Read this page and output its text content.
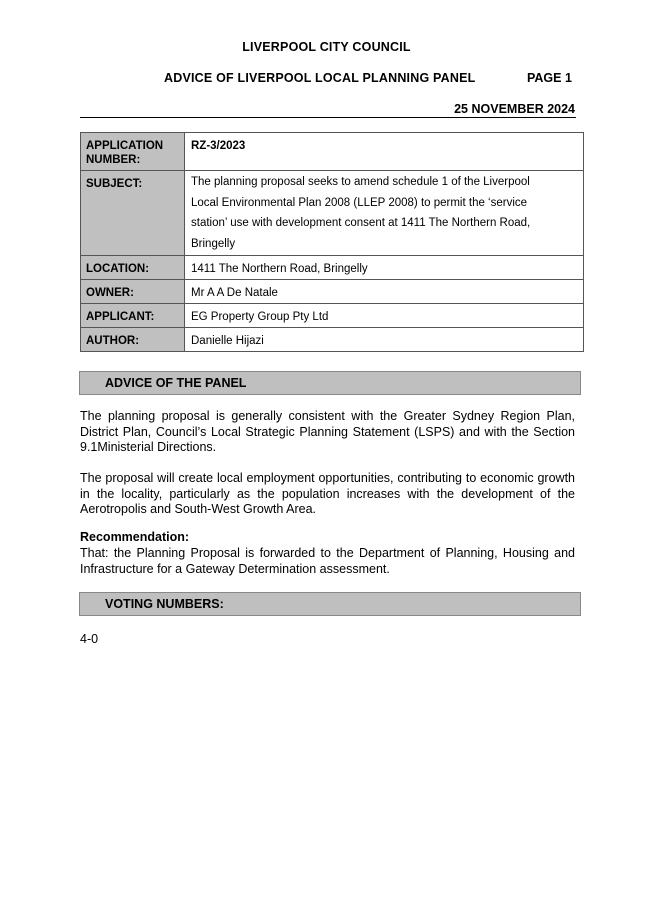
LIVERPOOL CITY COUNCIL
ADVICE OF LIVERPOOL LOCAL PLANNING PANEL	PAGE 1
25 NOVEMBER 2024
APPLICATION NUMBER:	RZ-3/2023
SUBJECT:	The planning proposal seeks to amend schedule 1 of the Liverpool
Local Environmental Plan 2008 (LLEP 2008) to permit the ‘service
station’ use with development consent at 1411 The Northern Road,
Bringelly

LOCATION:	1411 The Northern Road, Bringelly
OWNER:	Mr A A De Natale
APPLICANT:	EG Property Group Pty Ltd
AUTHOR:	Danielle Hijazi
ADVICE OF THE PANEL
The planning proposal is generally consistent with the Greater Sydney Region Plan, District Plan, Council’s Local Strategic Planning Statement (LSPS) and with the Section 9.1Ministerial Directions.
The proposal will create local employment opportunities, contributing to economic growth in the locality, particularly as the population increases with the development of the Aerotropolis and South-West Growth Area.
Recommendation:
That: the Planning Proposal is forwarded to the Department of Planning, Housing and Infrastructure for a Gateway Determination assessment.
VOTING NUMBERS:
4-0
